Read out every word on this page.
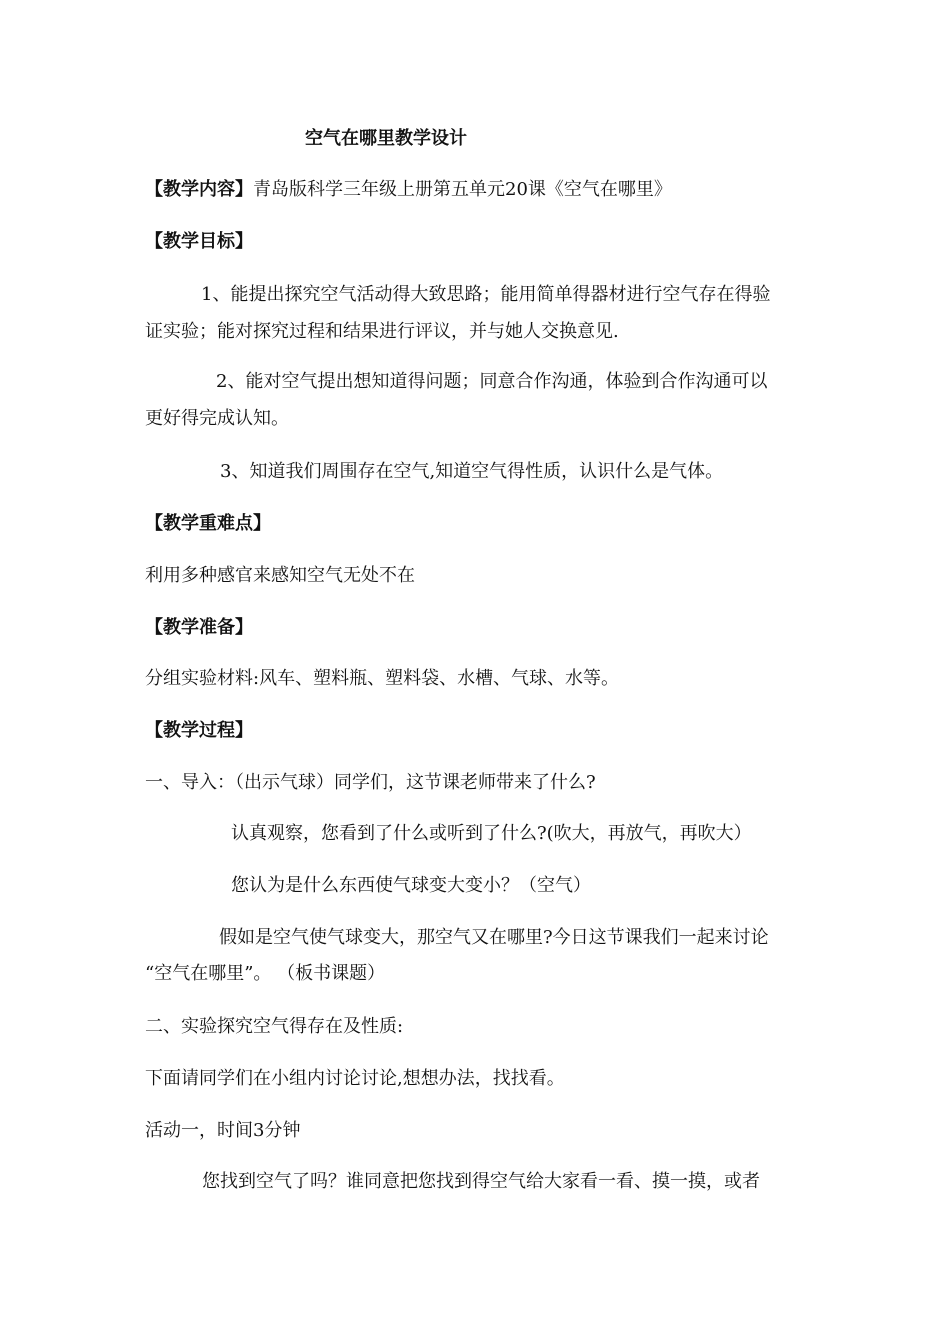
空气在哪里教学设计

【教学内容】青岛版科学三年级上册第五单元20课《空气在哪里》

【教学目标】

1、能提出探究空气活动得大致思路；能用简单得器材进行空气存在得验

证实验；能对探究过程和结果进行评议，并与她人交换意见.

2、能对空气提出想知道得问题；同意合作沟通，体验到合作沟通可以

更好得完成认知。

3、知道我们周围存在空气,知道空气得性质，认识什么是气体。

【教学重难点】

利用多种感官来感知空气无处不在

【教学准备】

分组实验材料:风车、塑料瓶、塑料袋、水槽、气球、水等。

【教学过程】

一、导入：（出示气球）同学们，这节课老师带来了什么?

认真观察，您看到了什么或听到了什么?(吹大，再放气，再吹大）

您认为是什么东西使气球变大变小？（空气）

假如是空气使气球变大，那空气又在哪里?今日这节课我们一起来讨论

“空气在哪里”。 （板书课题）

二、实验探究空气得存在及性质:

下面请同学们在小组内讨论讨论,想想办法，找找看。

活动一，时间3分钟

您找到空气了吗？谁同意把您找到得空气给大家看一看、摸一摸，或者
